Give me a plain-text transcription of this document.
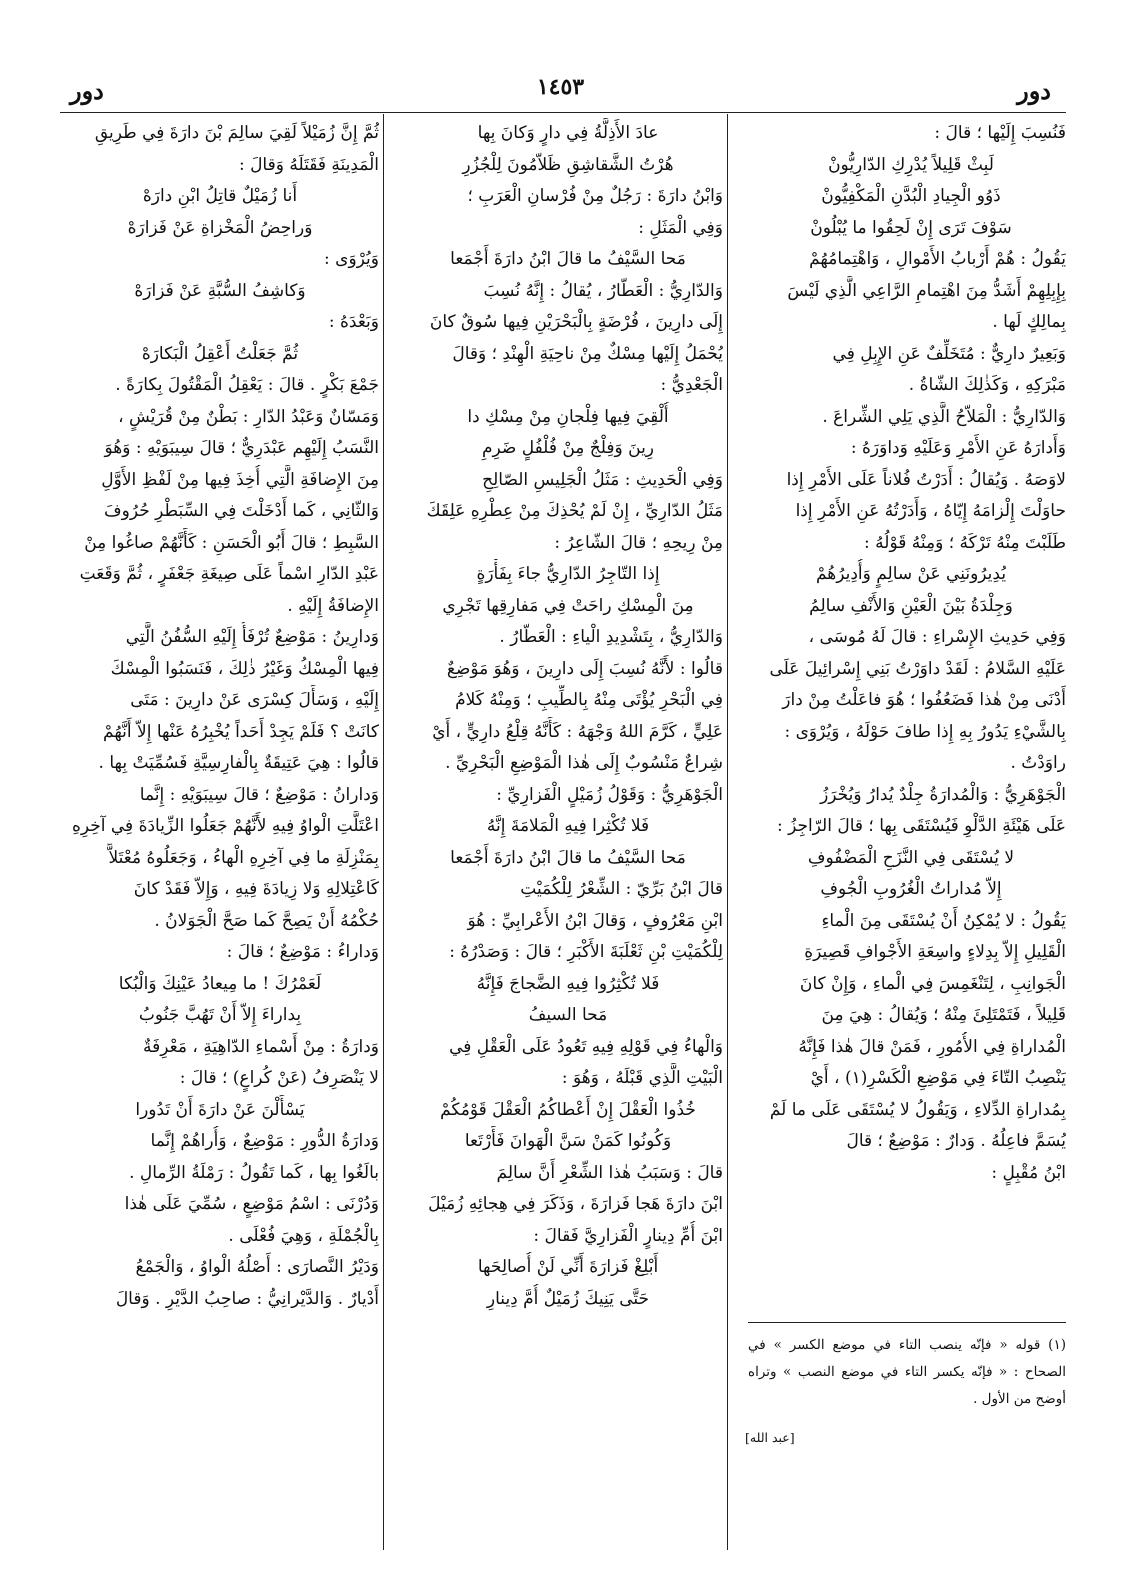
دور
١٤٥٣
دور
فَنُسِبَ إِلَيْها ؛ قالَ :
لَبِثْ قَلِيلاً يُدْرِكِ الدّارِيُّونْ
ذَوُو الْجِيادِ الْبُدَّنِ الْمَكْفِيُّونْ
سَوْفَ تَرَى إِنْ لَحِقُوا ما يُبْلُونْ
يَقُولُ : هُمْ أَرْبابُ الأَمْوالِ ، وَاهْتِمامُهُمْ
بِإِبِلِهِمْ أَشَدُّ مِنَ اهْتِمامِ الرَّاعِي الَّذِي لَيْسَ
بِمالِكٍ لَها .
وَبَعِيرٌ دارِيٌّ : مُتَخَلِّفٌ عَنِ الإِبِلِ فِي
مَبْرَكِهِ ، وَكَذٰلِكَ الشّاةُ .
وَالدّارِيُّ : الْمَلاّحُ الَّذِي يَلِي الشِّراعَ .
وَأَدارَهُ عَنِ الأَمْرِ وَعَلَيْهِ وَداوَرَهُ :
لاوَصَهُ . وَيُقالُ : أَدَرْتُ فُلاناً عَلَى الأَمْرِ إِذا
حاوَلْتَ إِلْزامَهُ إِيّاهُ ، وَأَدَرْتُهُ عَنِ الأَمْرِ إِذا
طَلَبْتَ مِنْهُ تَرْكَهُ ؛ وَمِنْهُ قَوْلُهُ :
يُدِيرُونَنِي عَنْ سالِمٍ وَأُدِيرُهُمْ
وَجِلْدَةُ بَيْنَ الْعَيْنِ وَالأَنْفِ سالِمُ
وَفِي حَدِيثِ الإِسْراءِ : قالَ لَهُ مُوسَى ،
عَلَيْهِ السَّلامُ : لَقَدْ داوَرْتُ بَنِي إِسْرائِيلَ عَلَى
أَدْنَى مِنْ هٰذا فَضَعُفُوا ؛ هُوَ فاعَلْتُ مِنْ دارَ
بِالشَّيْءِ يَدُورُ بِهِ إِذا طافَ حَوْلَهُ ، وَيُرْوَى :
راوَدْتُ .
الْجَوْهَرِيُّ : وَالْمُدارَةُ جِلْدٌ يُدارُ وَيُخْرَزُ
عَلَى هَيْئَةِ الدَّلْوِ فَيُسْتَقَى بِها ؛ قالَ الرّاجِزُ :
لا يُسْتَقَى فِي النَّزَحِ الْمَضْفُوفِ
إِلاّ مُداراتُ الْغُرُوبِ الْجُوفِ
يَقُولُ : لا يُمْكِنُ أَنْ يُسْتَقَى مِنَ الْماءِ
الْقَلِيلِ إِلاّ بِدِلاءٍ واسِعَةِ الأَجْوافِ قَصِيرَةِ
الْجَوانِبِ ، لِتَنْغَمِسَ فِي الْماءِ ، وَإِنْ كانَ
قَلِيلاً ، فَتَمْتَلِئَ مِنْهُ ؛ وَيُقالُ : هِيَ مِنَ
الْمُداراةِ فِي الأُمُورِ ، فَمَنْ قالَ هٰذا فَإِنَّهُ
يَنْصِبُ التّاءَ فِي مَوْضِعِ الْكَسْرِ(١) ، أَيْ
بِمُداراةِ الدِّلاءِ ، وَيَقُولُ لا يُسْتَقَى عَلَى ما لَمْ
يُسَمَّ فاعِلُهُ . وَدارٌ : مَوْضِعٌ ؛ قالَ
ابْنُ مُقْبِلٍ :
عادَ الأَذِلَّةُ فِي دارٍ وَكانَ بِها
هُرْتُ الشَّقاشِقِ ظَلاّمُونَ لِلْجُزُرِ
وَابْنُ دارَةَ : رَجُلٌ مِنْ فُرْسانِ الْعَرَبِ ؛
وَفِي الْمَثَلِ :
مَحا السَّيْفُ ما قالَ ابْنُ دارَةَ أَجْمَعا
وَالدّارِيُّ : الْعَطّارُ ، يُقالُ : إِنَّهُ نُسِبَ
إِلَى دارِينَ ، فُرْضَةٍ بِالْبَحْرَيْنِ فِيها سُوقٌ كانَ
يُحْمَلُ إِلَيْها مِسْكٌ مِنْ ناحِيَةِ الْهِنْدِ ؛ وَقالَ
الْجَعْدِيُّ :
أُلْقِيَ فِيها فِلْجانِ مِنْ مِسْكِ دا
رِينَ وَفِلْجٌ مِنْ فُلْفُلٍ ضَرِمِ
وَفِي الْحَدِيثِ : مَثَلُ الْجَلِيسِ الصّالِحِ
مَثَلُ الدّارِيِّ ، إِنْ لَمْ يُحْذِكَ مِنْ عِطْرِهِ عَلِقَكَ
مِنْ رِيحِهِ ؛ قالَ الشّاعِرُ :
إِذا التّاجِرُ الدّارِيُّ جاءَ بِفَأْرَةٍ
مِنَ الْمِسْكِ راحَتْ فِي مَفارِقِها تَجْرِي
وَالدّارِيُّ ، بِتَشْدِيدِ الْياءِ : الْعَطّارُ .
قالُوا : لأَنَّهُ نُسِبَ إِلَى دارِينَ ، وَهُوَ مَوْضِعٌ
فِي الْبَحْرِ يُؤْتَى مِنْهُ بِالطِّيبِ ؛ وَمِنْهُ كَلامُ
عَلِيٍّ ، كَرَّمَ اللهُ وَجْهَهُ : كَأَنَّهُ قِلْعُ دارِيٍّ ، أَيْ
شِراعٌ مَنْسُوبٌ إِلَى هٰذا الْمَوْضِعِ الْبَحْرِيِّ .
الْجَوْهَرِيُّ : وَقَوْلُ زُمَيْلٍ الْفَزارِيِّ :
فَلا تُكْثِرا فِيهِ الْمَلامَةَ إِنَّهُ
مَحا السَّيْفُ ما قالَ ابْنُ دارَةَ أَجْمَعا
قالَ ابْنُ بَرِّيّ : الشِّعْرُ لِلْكُمَيْتِ
ابْنِ مَعْرُوفٍ ، وَقالَ ابْنُ الأَعْرابِيِّ : هُوَ
لِلْكُمَيْتِ بْنِ ثَعْلَبَةَ الأَكْبَرِ ؛ قالَ : وَصَدْرُهُ :
فَلا تُكْثِرُوا فِيهِ الضَّجاجَ فَإِنَّهُ
مَحا السيفُ
وَالْهاءُ فِي قَوْلِهِ فِيهِ تَعُودُ عَلَى الْعَقْلِ فِي
الْبَيْتِ الَّذِي قَبْلَهُ ، وَهُوَ :
خُذُوا الْعَقْلَ إِنْ أَعْطاكُمُ الْعَقْلَ قَوْمُكُمْ
وَكُونُوا كَمَنْ سَنَّ الْهَوانَ فَأَرْتَعا
قالَ : وَسَبَبُ هٰذا الشِّعْرِ أَنَّ سالِمَ
ابْنَ دارَةَ هَجا فَزارَةَ ، وَذَكَرَ فِي هِجائِهِ زُمَيْلَ
ابْنَ أُمِّ دِينارٍ الْفَزارِيَّ فَقالَ :
أَبْلِغْ فَزارَةَ أَنِّي لَنْ أُصالِحَها
حَتَّى يَنِيكَ زُمَيْلٌ أُمَّ دِينارِ
ثُمَّ إِنَّ زُمَيْلاً لَقِيَ سالِمَ بْنَ دارَةَ فِي طَرِيقِ
الْمَدِينَةِ فَقَتَلَهُ وَقالَ :
أَنا زُمَيْلٌ قاتِلُ ابْنِ دارَهْ
وَراحِضُ الْمَخْزاةِ عَنْ فَزارَهْ
وَيُرْوَى :
وَكاشِفُ السُّبَّةِ عَنْ فَزارَهْ
وَبَعْدَهُ :
ثُمَّ جَعَلْتُ أَعْقِلُ الْبَكارَهْ
جَمْعَ بَكْرٍ . قالَ : يَعْقِلُ الْمَقْتُولَ بِكارَةً .
وَمَسّانٌ وَعَبْدُ الدّارِ : بَطْنٌ مِنْ قُرَيْشٍ ،
النَّسَبُ إِلَيْهِم عَبْدَرِيٌّ ؛ قالَ سِيبَوَيْهِ : وَهُوَ
مِنَ الإِضافَةِ الَّتِي أُخِذَ فِيها مِنْ لَفْظِ الأَوَّلِ
وَالثّانِي ، كَما أَدْخَلْتَ فِي السِّبَطْرِ حُرُوفَ
السَّبِطِ ؛ قالَ أَبُو الْحَسَنِ : كَأَنَّهُمْ صاغُوا مِنْ
عَبْدِ الدّارِ اسْماً عَلَى صِيغَةِ جَعْفَرٍ ، ثُمَّ وَقَعَتِ
الإِضافَةُ إِلَيْهِ .
وَدارِينُ : مَوْضِعٌ تُرْفَأُ إِلَيْهِ السُّفُنُ الَّتِي
فِيها الْمِسْكُ وَغَيْرُ ذٰلِكَ ، فَنَسَبُوا الْمِسْكَ
إِلَيْهِ ، وَسَأَلَ كِسْرَى عَنْ دارِينَ : مَتَى
كانَتْ ؟ فَلَمْ يَجِدْ أَحَداً يُخْبِرُهُ عَنْها إِلاّ أَنَّهُمْ
قالُوا : هِيَ عَتِيقَةٌ بِالْفارِسِيَّةِ فَسُمِّيَتْ بِها .
وَدارانُ : مَوْضِعٌ ؛ قالَ سِيبَوَيْهِ : إِنَّما
اعْتَلَّتِ الْواوُ فِيهِ لأَنَّهُمْ جَعَلُوا الزِّيادَةَ فِي آخِرِهِ
بِمَنْزِلَةِ ما فِي آخِرِهِ الْهاءُ ، وَجَعَلُوهُ مُعْتَلاًّ
كَاعْتِلالِهِ وَلا زِيادَةَ فِيهِ ، وَإِلاّ فَقَدْ كانَ
حُكْمُهُ أَنْ يَصِحَّ كَما صَحَّ الْجَوَلانُ .
وَداراءُ : مَوْضِعٌ ؛ قالَ :
لَعَمْرُكَ ! ما مِيعادُ عَيْنِكَ وَالْبُكا
بِداراءَ إِلاّ أَنْ تَهُبَّ جَنُوبُ
وَدارَةُ : مِنْ أَسْماءِ الدّاهِيَةِ ، مَعْرِفَةٌ
لا يَنْصَرِفُ (عَنْ كُراعٍ) ؛ قالَ :
يَسْأَلْنَ عَنْ دارَةَ أَنْ تَدُورا
وَدارَةُ الدُّورِ : مَوْضِعٌ ، وَأُراهُمْ إِنَّما
بالَغُوا بِها ، كَما تَقُولُ : رَمْلَةُ الرِّمالِ .
وَدُرْنَى : اسْمُ مَوْضِعٍ ، سُمِّيَ عَلَى هٰذا
بِالْجُمْلَةِ ، وَهِيَ فُعْلَى .
وَدَيْرُ النَّصارَى : أَصْلُهُ الْواوُ ، وَالْجَمْعُ
أَدْيارٌ . وَالدَّيْرانِيُّ : صاحِبُ الدَّيْرِ . وَقالَ
(١) قوله « فإنّه ينصب التاء في موضع الكسر » في الصحاح : « فإنّه يكسر التاء في موضع النصب » وتراه أوضح من الأول .
[عبد الله]
